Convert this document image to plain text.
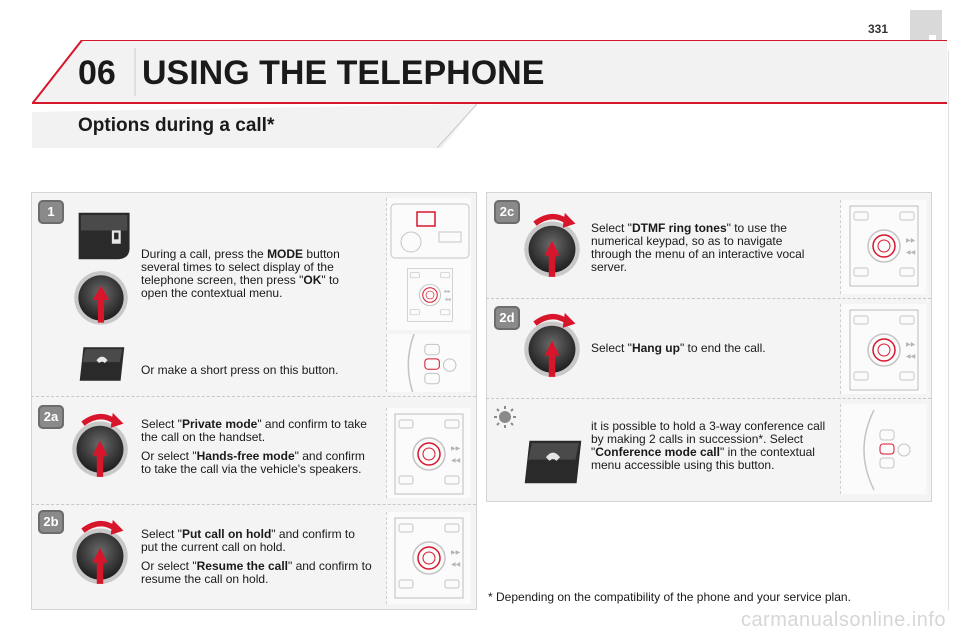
331
06 USING THE TELEPHONE
Options during a call*
1
During a call, press the MODE button several times to select display of the telephone screen, then press "OK" to open the contextual menu.
Or make a short press on this button.
2a	Select "Private mode" and confirm to take the call on the handset.

Or select "Hands-free mode" and confirm to take the call via the vehicle's speakers.

2b

Select "Put call on hold" and confirm to put the current call on hold.

Or select "Resume the call" and confirm to resume the call on hold.

2c

Select "DTMF ring tones" to use the numerical keypad, so as to navigate through the menu of an interactive vocal server.

2d

Select "Hang up" to end the call.

it is possible to hold a 3-way conference call by making 2 calls in succession*. Select "Conference mode call" in the contextual menu accessible using this button.
* Depending on the compatibility of the phone and your service plan.
carmanualsonline.info
